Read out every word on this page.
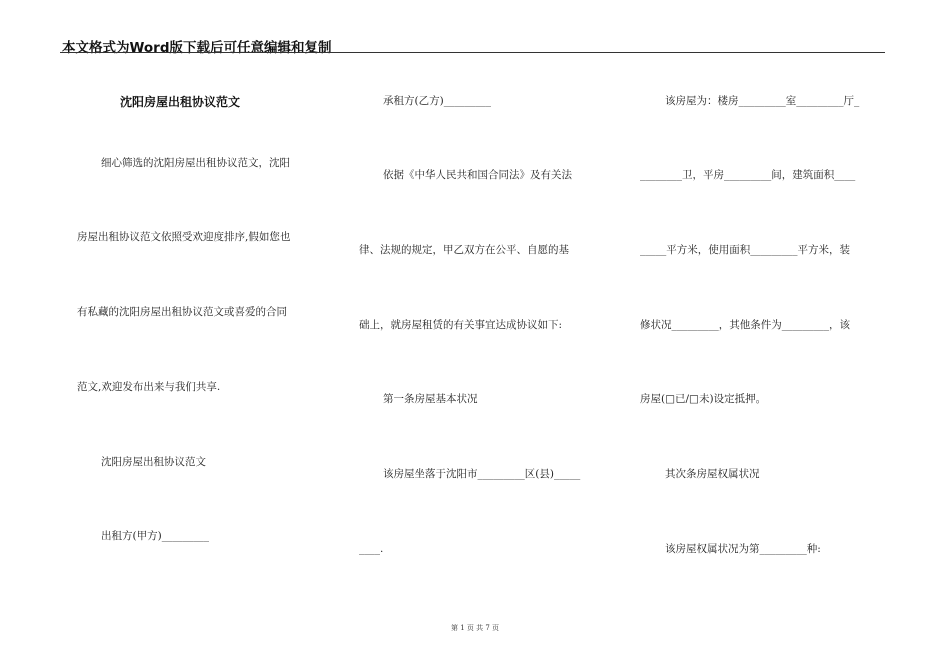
本文格式为Word版下载后可任意编辑和复制
沈阳房屋出租协议范文
细心筛选的沈阳房屋出租协议范文，沈阳
房屋出租协议范文依照受欢迎度排序,假如您也
有私藏的沈阳房屋出租协议范文或喜爱的合同
范文,欢迎发布出来与我们共享.
沈阳房屋出租协议范文
出租方(甲方)_________
承租方(乙方)_________
依据《中华人民共和国合同法》及有关法
律、法规的规定，甲乙双方在公平、自愿的基
础上，就房屋租赁的有关事宜达成协议如下:
第一条房屋基本状况
该房屋坐落于沈阳市_________区(县)_____
____.
该房屋为：楼房_________室_________厅_
________卫，平房_________间，建筑面积____
_____平方米，使用面积_________平方米，装
修状况_________，其他条件为_________，该
房屋(□已/□未)设定抵押。
其次条房屋权属状况
该房屋权属状况为第_________种:
第 1 页 共 7 页
